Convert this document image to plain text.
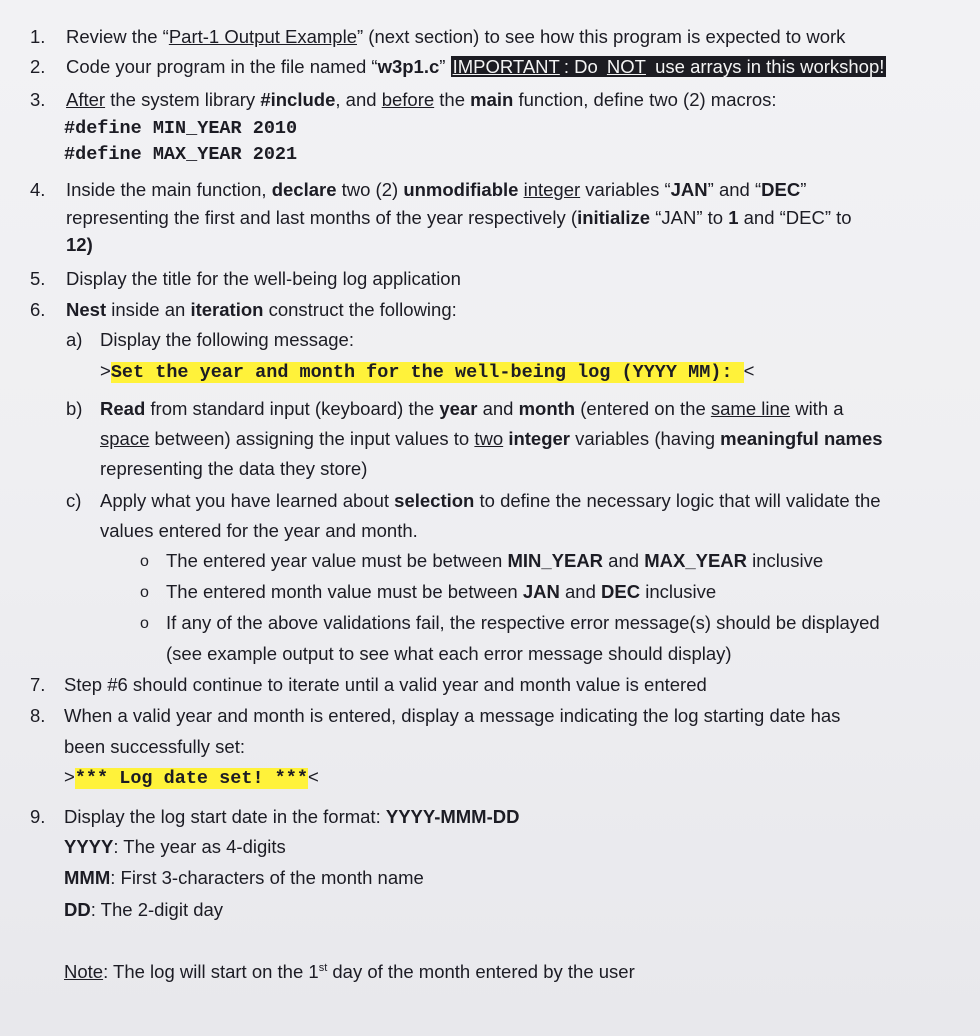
1. Review the “Part-1 Output Example” (next section) to see how this program is expected to work
2. Code your program in the file named “w3p1.c” IMPORTANT : Do NOT use arrays in this workshop!
3. After the system library #include, and before the main function, define two (2) macros:
#define MIN_YEAR 2010
#define MAX_YEAR 2021
4. Inside the main function, declare two (2) unmodifiable integer variables “JAN” and “DEC”
representing the first and last months of the year respectively (initialize “JAN” to 1 and “DEC” to
12)
5. Display the title for the well-being log application
6. Nest inside an iteration construct the following:
a) Display the following message:
>Set the year and month for the well-being log (YYYY MM): <
b) Read from standard input (keyboard) the year and month (entered on the same line with a
space between) assigning the input values to two integer variables (having meaningful names
representing the data they store)
c) Apply what you have learned about selection to define the necessary logic that will validate the
values entered for the year and month.
o The entered year value must be between MIN_YEAR and MAX_YEAR inclusive
o The entered month value must be between JAN and DEC inclusive
o If any of the above validations fail, the respective error message(s) should be displayed
(see example output to see what each error message should display)
7. Step #6 should continue to iterate until a valid year and month value is entered
8. When a valid year and month is entered, display a message indicating the log starting date has
been successfully set:
>*** Log date set! ***<
9. Display the log start date in the format: YYYY-MMM-DD
YYYY: The year as 4-digits
MMM: First 3-characters of the month name
DD: The 2-digit day
Note: The log will start on the 1st day of the month entered by the user
